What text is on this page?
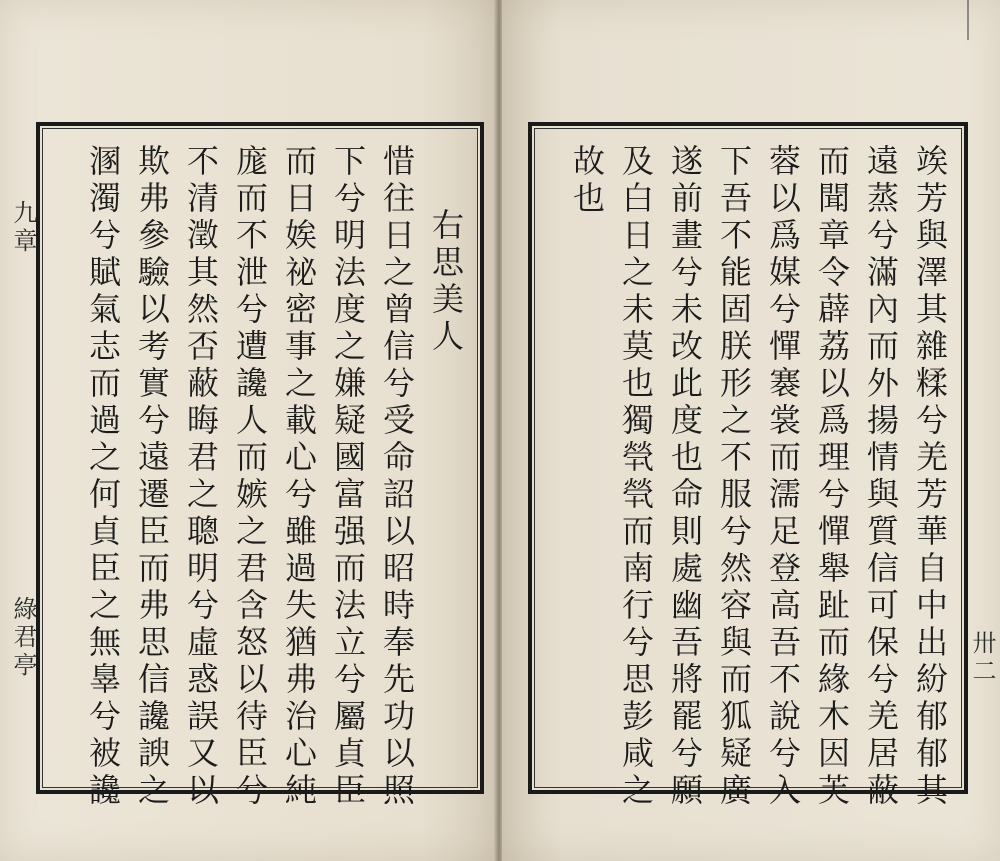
九章
綠君亭	卅二
右思美人
惜往日之曾信兮受命詔以昭時奉先功以照
下兮明法度之嫌疑國富强而法立兮屬貞臣
而日娭祕密事之載心兮雖過失猶弗治心純
庬而不泄兮遭讒人而嫉之君含怒以待臣兮
不清澂其然否蔽晦君之聰明兮虛惑誤又以
欺弗參驗以考實兮遠遷臣而弗思信讒諛之
溷濁兮賦氣志而過之何貞臣之無辠兮被讒	竢芳與澤其雜糅兮羌芳華自中出紛郁郁其
遠蒸兮滿內而外揚情與質信可保兮羌居蔽
而聞章令薜荔以爲理兮憚舉趾而緣木因芙
蓉以爲媒兮憚褰裳而濡足登高吾不說兮入
下吾不能固朕形之不服兮然容與而狐疑廣
遂前畫兮未改此度也命則處幽吾將罷兮願
及白日之未莫也獨煢煢而南行兮思彭咸之
故也
